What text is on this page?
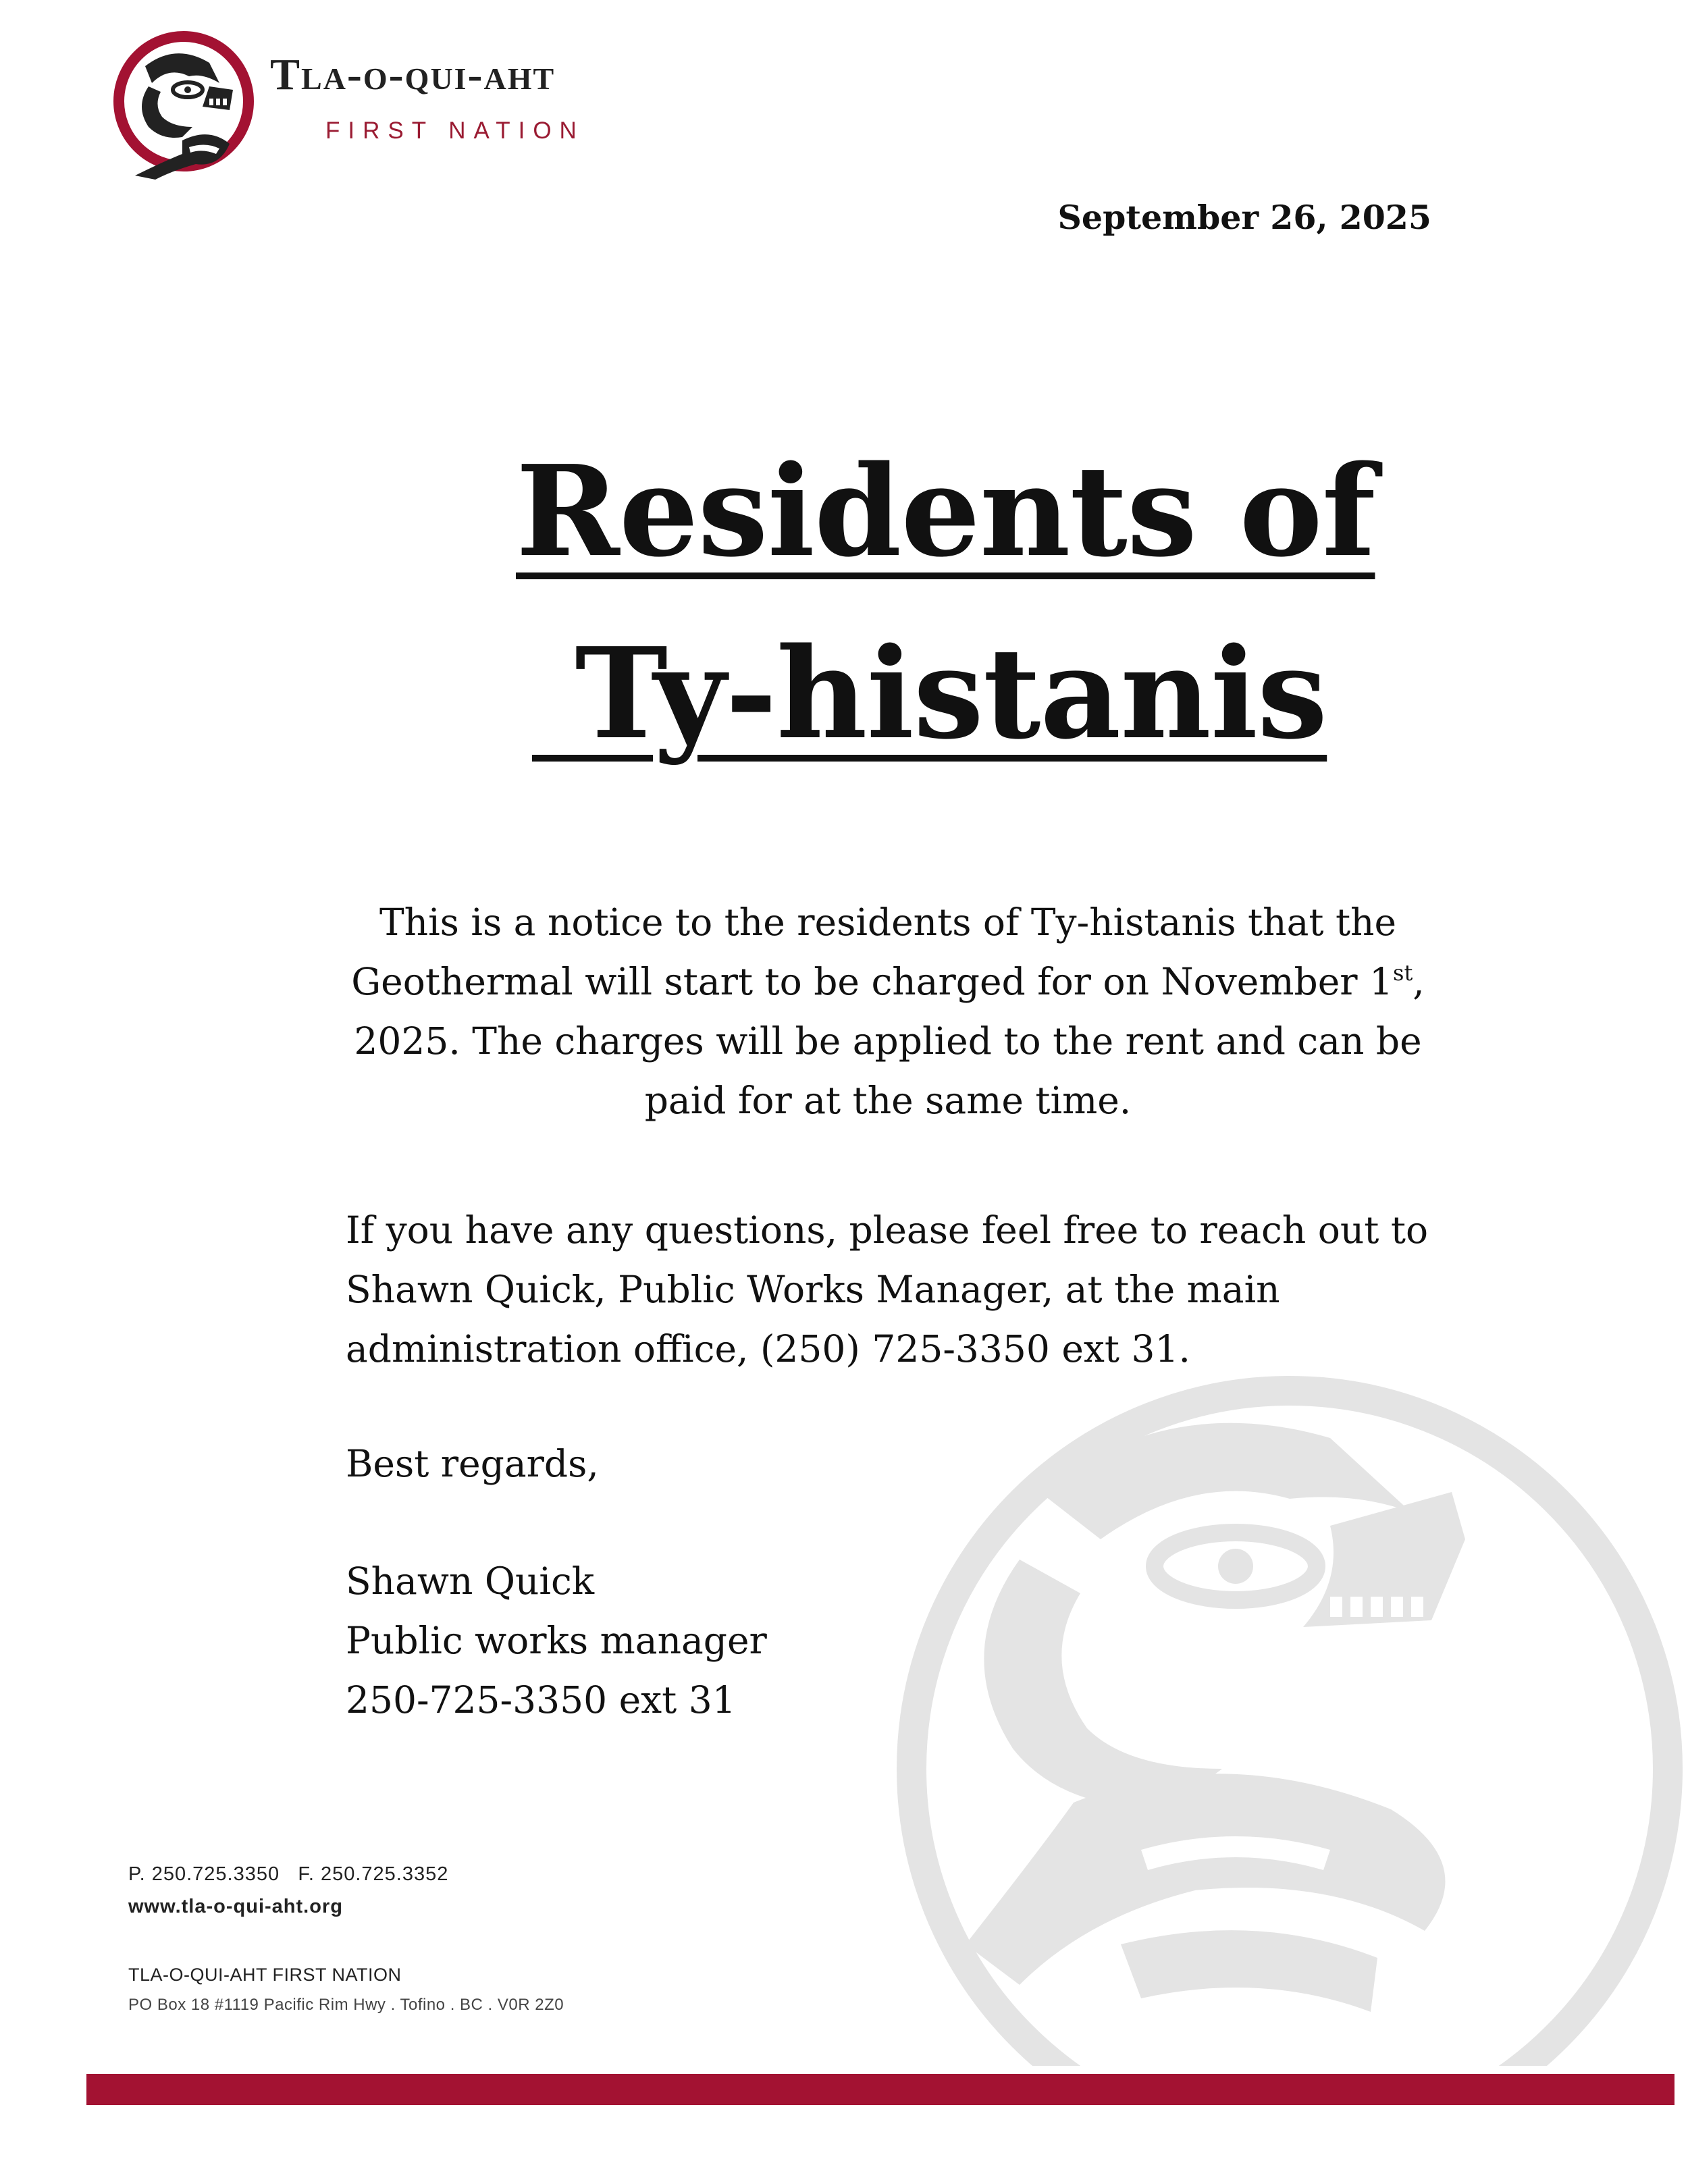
Tla-o-qui-aht

FIRST NATION

September 26, 2025

Residents of
Ty-histanis

This is a notice to the residents of Ty-histanis that the Geothermal will start to be charged for on November 1st, 2025. The charges will be applied to the rent and can be paid for at the same time.

If you have any questions, please feel free to reach out to Shawn Quick, Public Works Manager, at the main administration office, (250) 725-3350 ext 31.

Best regards,

Shawn Quick

Public works manager

250-725-3350 ext 31

P. 250.725.3350 F. 250.725.3352

www.tla-o-qui-aht.org

TLA-O-QUI-AHT FIRST NATION

PO Box 18 #1119 Pacific Rim Hwy . Tofino . BC . V0R 2Z0
